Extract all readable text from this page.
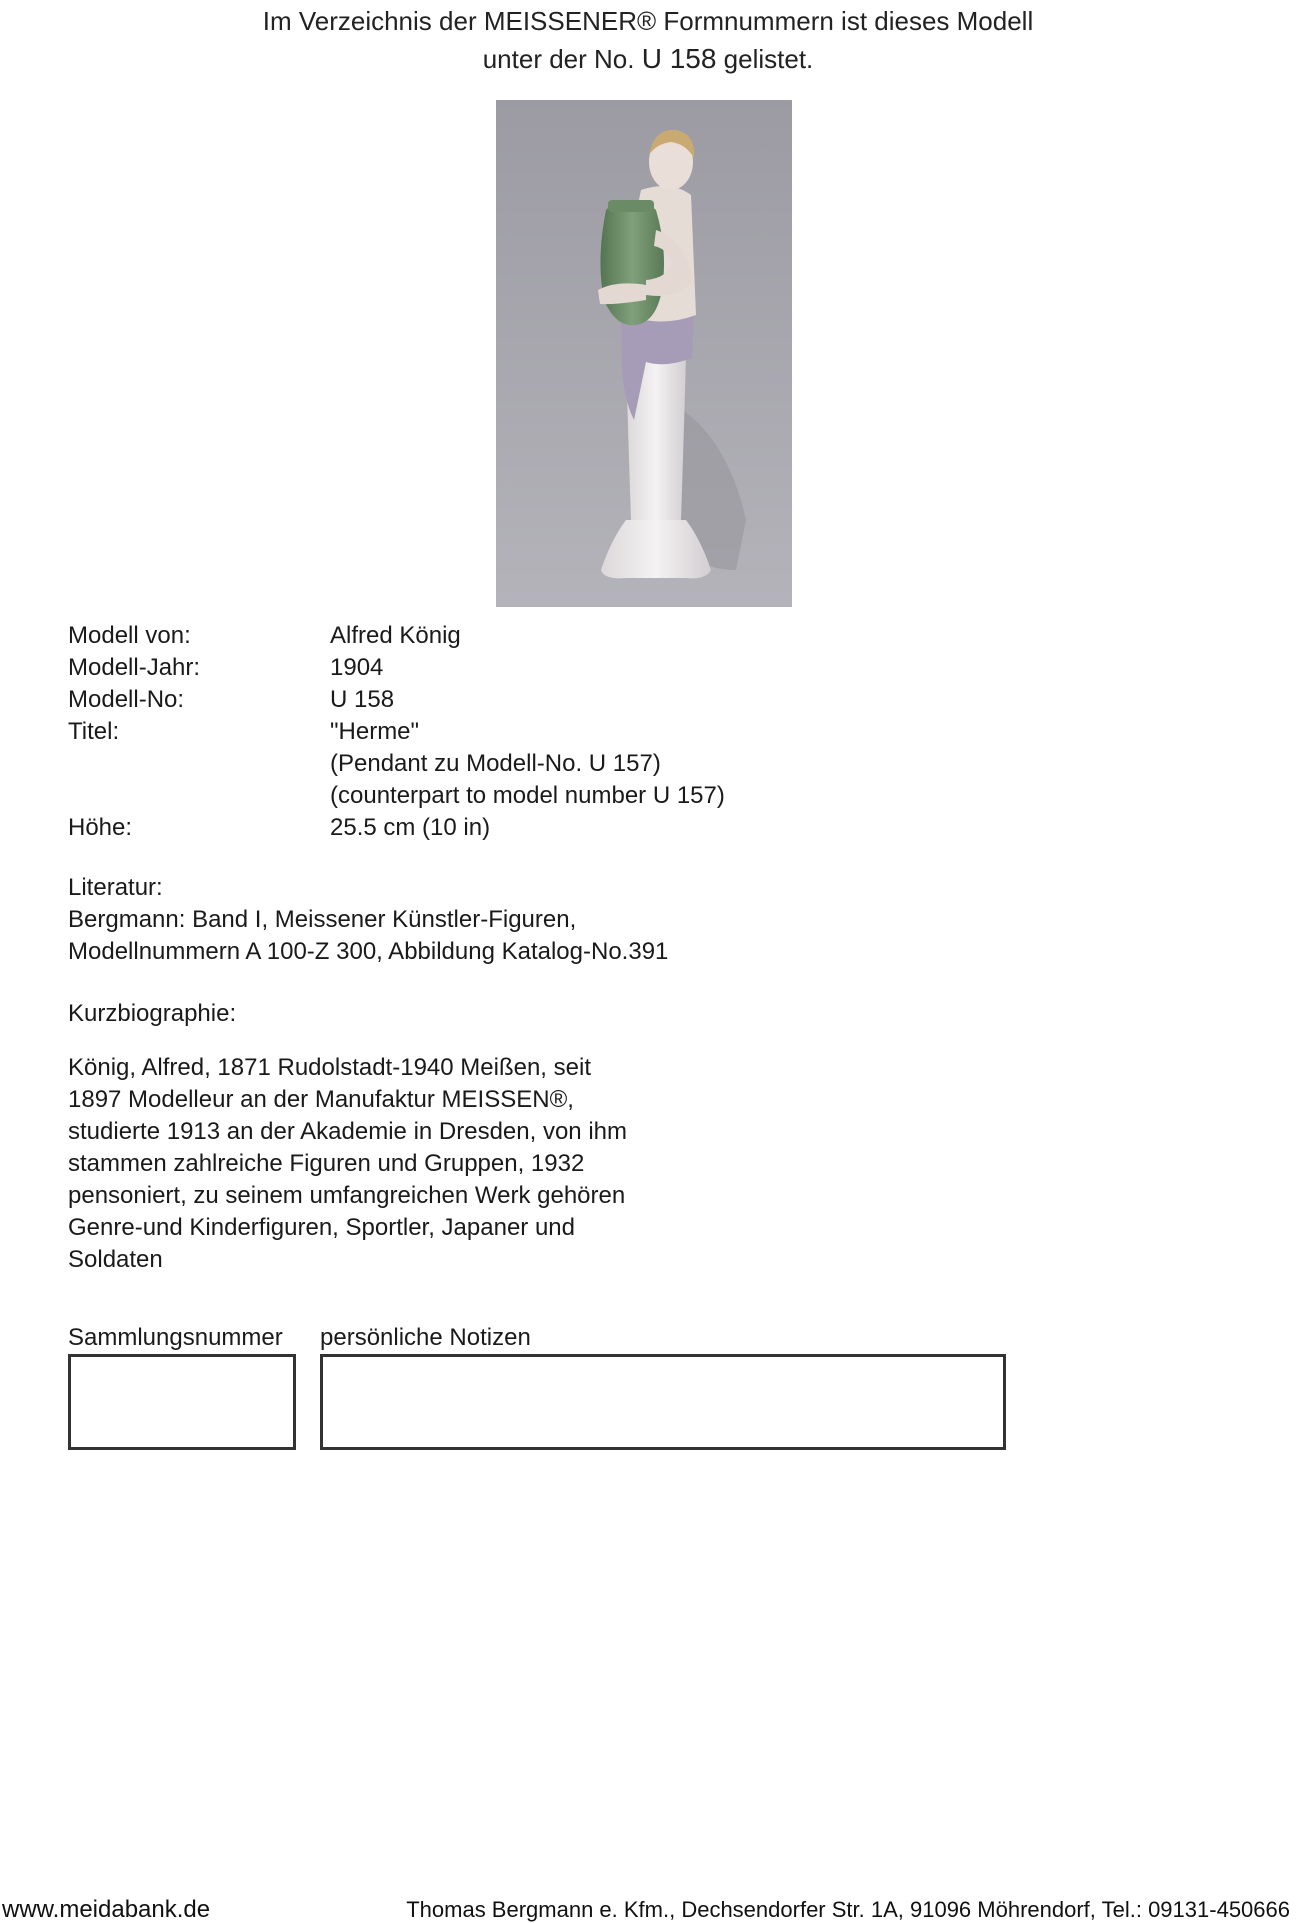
Im Verzeichnis der MEISSENER® Formnummern ist dieses Modell
unter der No. U 158 gelistet.
Modell von:	Alfred König
Modell-Jahr:	1904
Modell-No:	U 158
Titel:	"Herme"
(Pendant zu Modell-No. U 157)
(counterpart to model number U 157)
Höhe:	25.5 cm (10 in)
Literatur:
Bergmann: Band I, Meissener Künstler-Figuren,
Modellnummern A 100-Z 300, Abbildung Katalog-No.391
Kurzbiographie:
König, Alfred, 1871 Rudolstadt-1940 Meißen, seit
1897 Modelleur an der Manufaktur MEISSEN®,
studierte 1913 an der Akademie in Dresden, von ihm
stammen zahlreiche Figuren und Gruppen, 1932
pensoniert, zu seinem umfangreichen Werk gehören
Genre-und Kinderfiguren, Sportler, Japaner und
Soldaten
Sammlungsnummer persönliche Notizen
www.meidabank.de	Thomas Bergmann e. Kfm., Dechsendorfer Str. 1A, 91096 Möhrendorf, Tel.: 09131-450666
